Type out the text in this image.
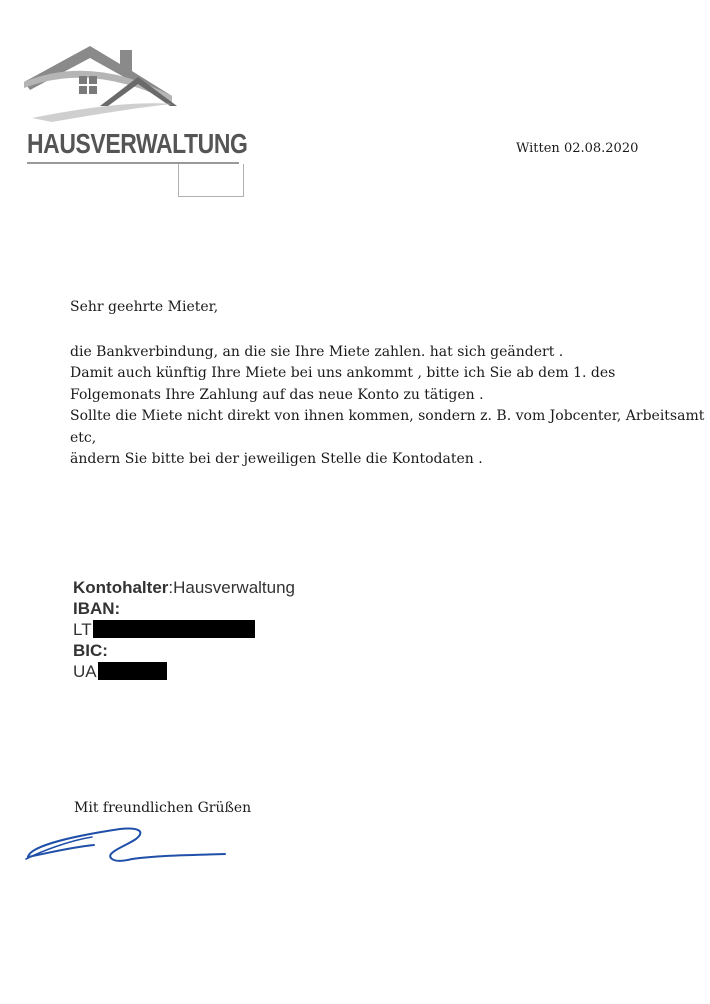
HAUSVERWALTUNG	Witten 02.08.2020
Sehr geehrte Mieter,
die Bankverbindung, an die sie Ihre Miete zahlen. hat sich geändert .
Damit auch künftig Ihre Miete bei uns ankommt , bitte ich Sie ab dem 1. des
Folgemonats Ihre Zahlung auf das neue Konto zu tätigen .
Sollte die Miete nicht direkt von ihnen kommen, sondern z. B. vom Jobcenter, Arbeitsamt
etc,
ändern Sie bitte bei der jeweiligen Stelle die Kontodaten .
Kontohalter:Hausverwaltung
IBAN:
LT
BIC:
UA
Mit freundlichen Grüßen
